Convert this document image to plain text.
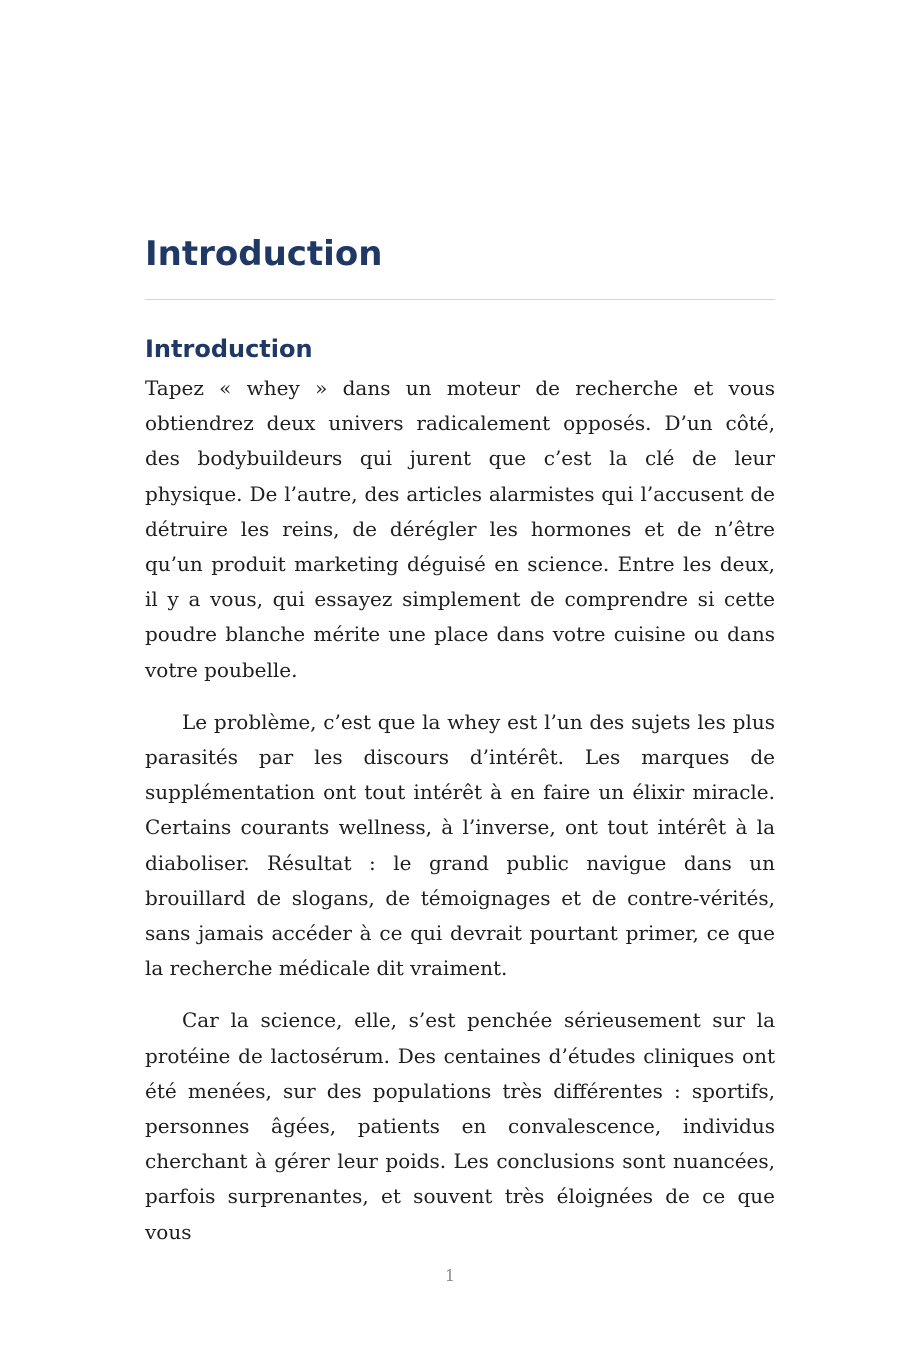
Introduction
Introduction

Tapez « whey » dans un moteur de recherche et vous obtiendrez deux univers radicalement opposés. D’un côté, des bodybuildeurs qui jurent que c’est la clé de leur physique. De l’autre, des articles alarmistes qui l’accusent de détruire les reins, de dérégler les hormones et de n’être qu’un produit marketing déguisé en science. Entre les deux, il y a vous, qui essayez simplement de comprendre si cette poudre blanche mérite une place dans votre cuisine ou dans votre poubelle.

Le problème, c’est que la whey est l’un des sujets les plus parasités par les discours d’intérêt. Les marques de supplémentation ont tout intérêt à en faire un élixir miracle. Certains courants wellness, à l’inverse, ont tout intérêt à la diaboliser. Résultat : le grand public navigue dans un brouillard de slogans, de témoignages et de contre-vérités, sans jamais accéder à ce qui devrait pourtant primer, ce que la recherche médicale dit vraiment.

Car la science, elle, s’est penchée sérieusement sur la protéine de lactosérum. Des centaines d’études cliniques ont été menées, sur des populations très différentes : sportifs, personnes âgées, patients en convalescence, individus cherchant à gérer leur poids. Les conclusions sont nuancées, parfois surprenantes, et souvent très éloignées de ce que vous

1
